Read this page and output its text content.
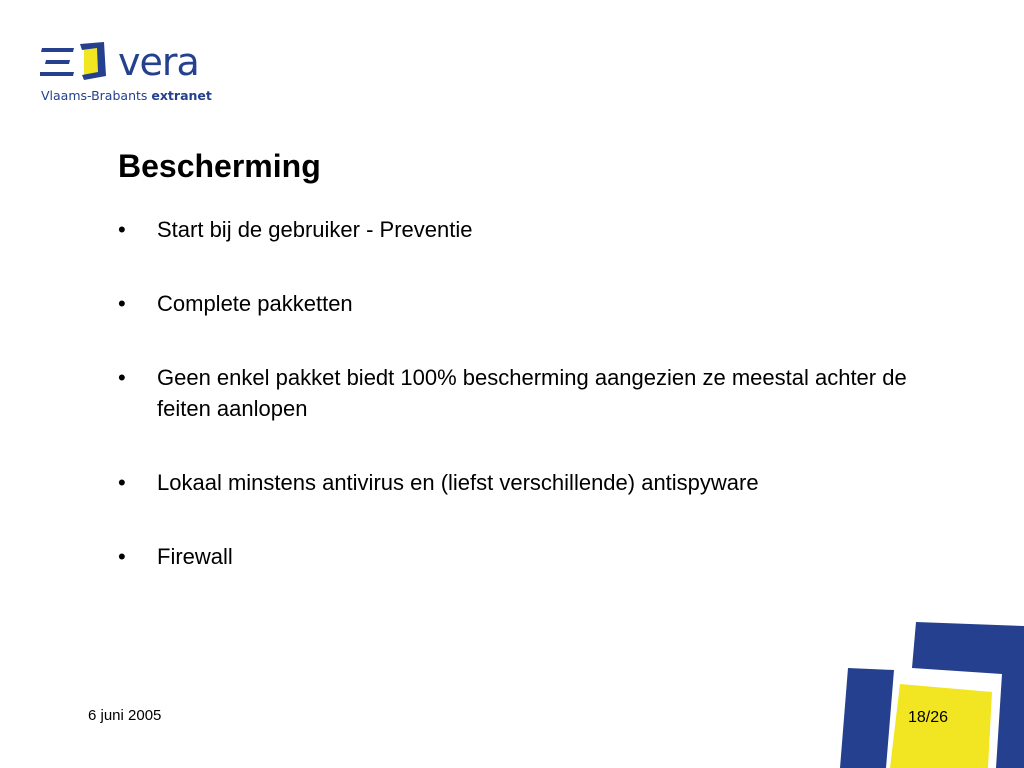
vera
Vlaams-Brabants extranet
Bescherming
• Start bij de gebruiker - Preventie
• Complete pakketten
• Geen enkel pakket biedt 100% bescherming aangezien ze meestal achter de feiten aanlopen
• Lokaal minstens antivirus en (liefst verschillende) antispyware
• Firewall
6 juni 2005	18/26
